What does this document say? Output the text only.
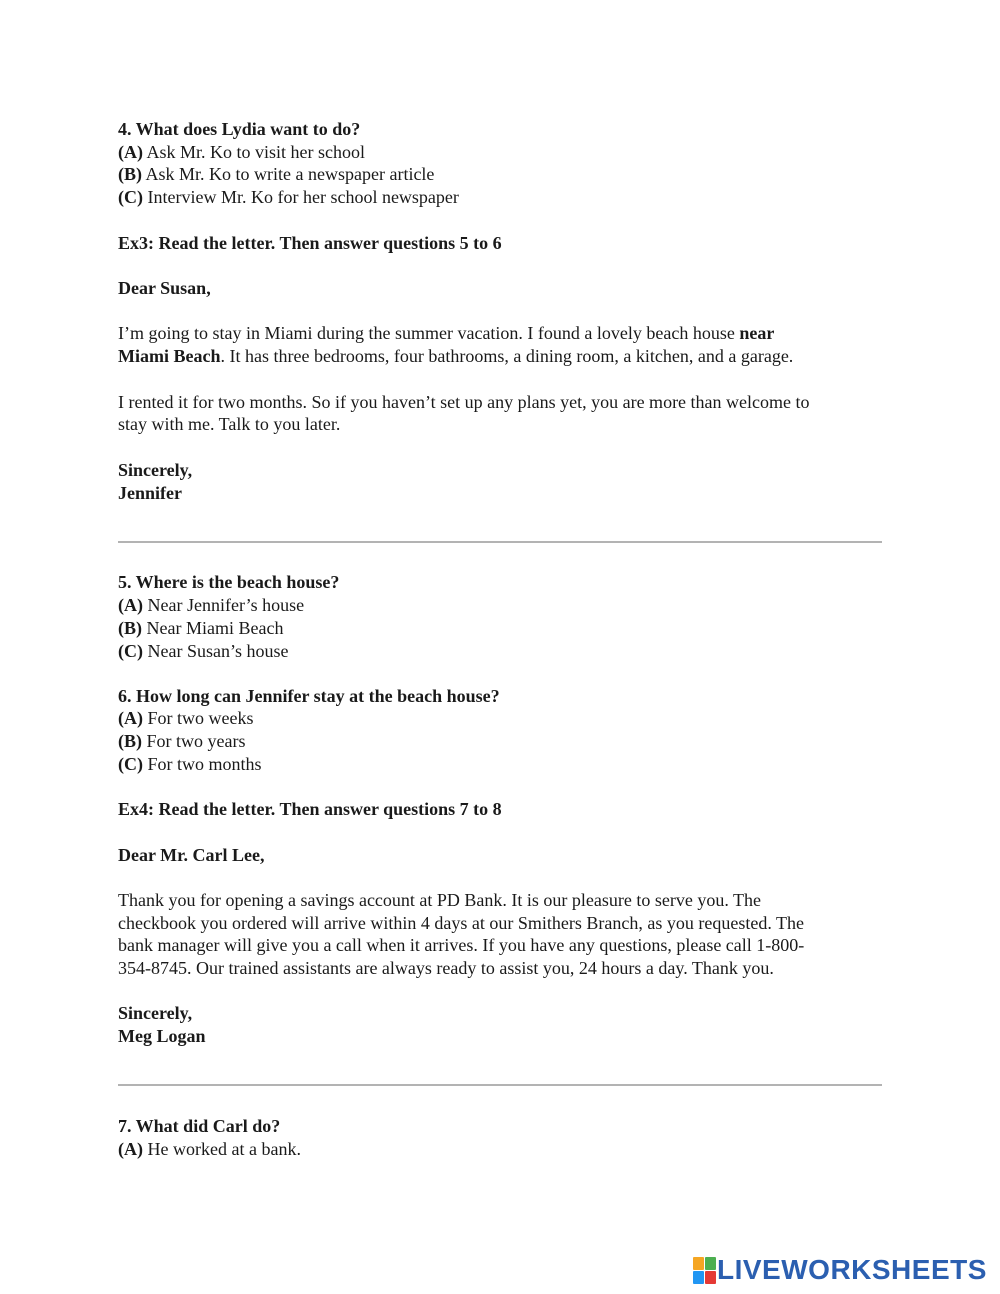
4. What does Lydia want to do?
(A) Ask Mr. Ko to visit her school
(B) Ask Mr. Ko to write a newspaper article
(C) Interview Mr. Ko for her school newspaper
Ex3: Read the letter. Then answer questions 5 to 6
Dear Susan,
I’m going to stay in Miami during the summer vacation. I found a lovely beach house near
Miami Beach. It has three bedrooms, four bathrooms, a dining room, a kitchen, and a garage.
I rented it for two months. So if you haven’t set up any plans yet, you are more than welcome to
stay with me. Talk to you later.
Sincerely,
Jennifer
5. Where is the beach house?
(A) Near Jennifer’s house
(B) Near Miami Beach
(C) Near Susan’s house
6. How long can Jennifer stay at the beach house?
(A) For two weeks
(B) For two years
(C) For two months
Ex4: Read the letter. Then answer questions 7 to 8
Dear Mr. Carl Lee,
Thank you for opening a savings account at PD Bank. It is our pleasure to serve you. The
checkbook you ordered will arrive within 4 days at our Smithers Branch, as you requested. The
bank manager will give you a call when it arrives. If you have any questions, please call 1-800-
354-8745. Our trained assistants are always ready to assist you, 24 hours a day. Thank you.
Sincerely,
Meg Logan
7. What did Carl do?
(A) He worked at a bank.
LIVEWORKSHEETS
